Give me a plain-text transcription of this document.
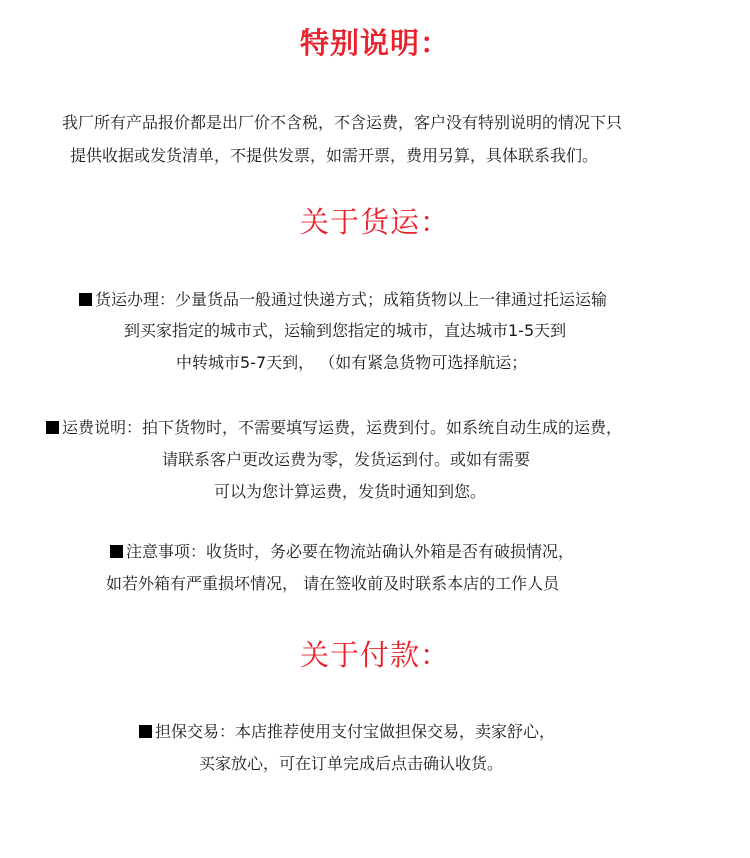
特别说明：
我厂所有产品报价都是出厂价不含税，不含运费，客户没有特别说明的情况下只
提供收据或发货清单，不提供发票，如需开票，费用另算，具体联系我们。
关于货运：
货运办理：少量货品一般通过快递方式；成箱货物以上一律通过托运运输
到买家指定的城市式，运输到您指定的城市，直达城市1-5天到
中转城市5-7天到， （如有紧急货物可选择航运；
运费说明：拍下货物时，不需要填写运费，运费到付。如系统自动生成的运费，
请联系客户更改运费为零，发货运到付。或如有需要
可以为您计算运费，发货时通知到您。
注意事项：收货时，务必要在物流站确认外箱是否有破损情况，
如若外箱有严重损坏情况， 请在签收前及时联系本店的工作人员
关于付款：
担保交易：本店推荐使用支付宝做担保交易，卖家舒心，
买家放心，可在订单完成后点击确认收货。
